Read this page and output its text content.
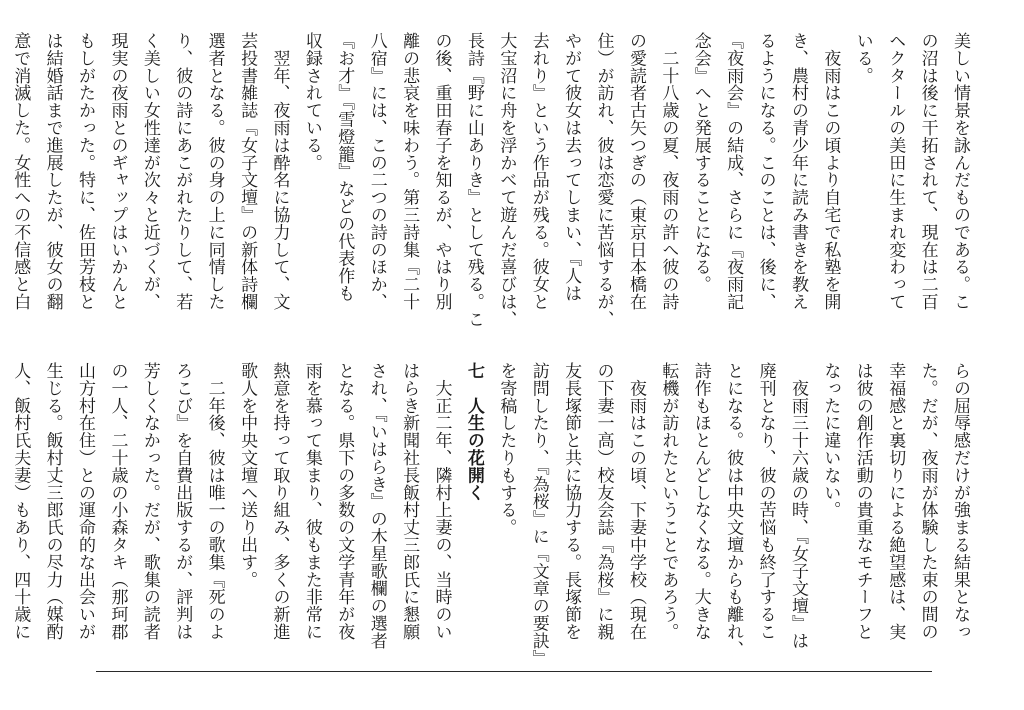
美しい情景を詠んだものである。こ

の沼は後に干拓されて、現在は二百

ヘクタールの美田に生まれ変わって

いる。

　夜雨はこの頃より自宅で私塾を開

き、農村の青少年に読み書きを教え

るようになる。このことは、後に、

『夜雨会』の結成、さらに『夜雨記

念会』へと発展することになる。

　二十八歳の夏、夜雨の許へ彼の詩

の愛読者古矢つぎの（東京日本橋在

住）が訪れ、彼は恋愛に苦悩するが、

やがて彼女は去ってしまい、『人は

去れり』という作品が残る。彼女と

大宝沼に舟を浮かべて遊んだ喜びは、

長詩『野に山ありき』として残る。こ

の後、重田春子を知るが、やはり別

離の悲哀を味わう。第三詩集『二十

八宿』には、この二つの詩のほか、

『お才』『雪燈籠』などの代表作も

収録されている。

　翌年、夜雨は酔名に協力して、文

芸投書雑誌『女子文壇』の新体詩欄

選者となる。彼の身の上に同情した

り、彼の詩にあこがれたりして、若

く美しい女性達が次々と近づくが、

現実の夜雨とのギャップはいかんと

もしがたかった。特に、佐田芳枝と

は結婚話まで進展したが、彼女の翻

意で消滅した。女性への不信感と白

らの屈辱感だけが強まる結果となっ

た。だが、夜雨が体験した束の間の

幸福感と裏切りによる絶望感は、実

は彼の創作活動の貴重なモチーフと

なったに違いない。

　夜雨三十六歳の時、『女子文壇』は

廃刊となり、彼の苦悩も終了するこ

とになる。彼は中央文壇からも離れ、

詩作もほとんどしなくなる。大きな

転機が訪れたということであろう。

　夜雨はこの頃、下妻中学校（現在

の下妻一高）校友会誌『為桜』に親

友長塚節と共に協力する。長塚節を

訪問したり、『為桜』に『文章の要訣』

を寄稿したりもする。

七　人生の花開く

　大正二年、隣村上妻の、当時のい

はらき新聞社長飯村丈三郎氏に懇願

され、『いはらき』の木星歌欄の選者

となる。県下の多数の文学青年が夜

雨を慕って集まり、彼もまた非常に

熱意を持って取り組み、多くの新進

歌人を中央文壇へ送り出す。

　二年後、彼は唯一の歌集『死のよ

ろこび』を自費出版するが、評判は

芳しくなかった。だが、歌集の読者

の一人、二十歳の小森タキ（那珂郡

山方村在住）との運命的な出会いが

生じる。飯村丈三郎氏の尽力（媒酌

人、飯村氏夫妻）もあり、四十歳に
